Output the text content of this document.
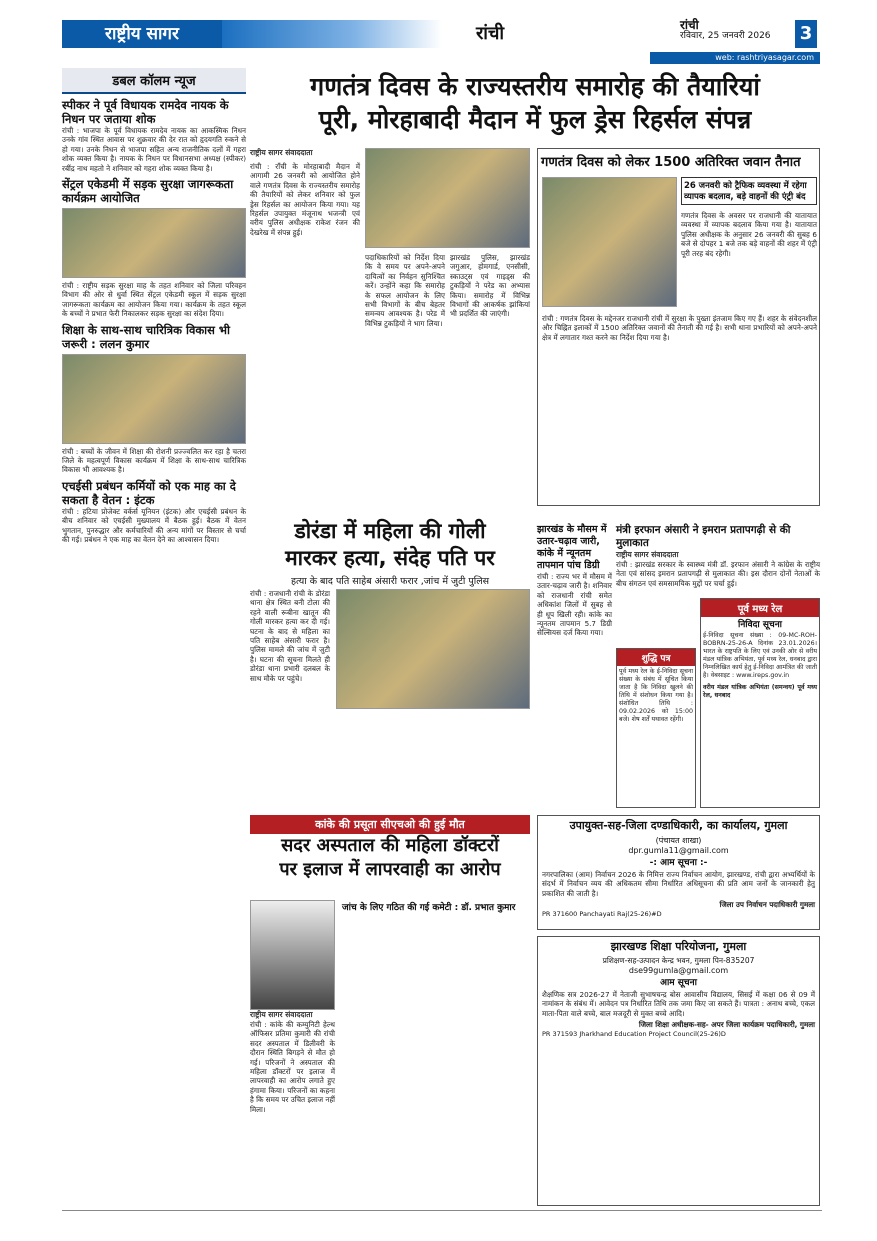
राष्ट्रीय सागर	रांची	रांची
रविवार, 25 जनवरी 2026	3
web: rashtriyasagar.com
डबल कॉलम न्यूज
स्पीकर ने पूर्व विधायक रामदेव नायक के निधन पर जताया शोक
रांची : भाजपा के पूर्व विधायक रामदेव नायक का आकस्मिक निधन उनके गांव स्थित आवास पर शुक्रवार की देर रात को हृदयगति रुकने से हो गया। उनके निधन से भाजपा सहित अन्य राजनीतिक दलों में गहरा शोक व्यक्त किया है। नायक के निधन पर विधानसभा अध्यक्ष (स्पीकर) रबींद्र नाथ महतो ने शनिवार को गहरा शोक व्यक्त किया है।
सेंट्रल एकेडमी में सड़क सुरक्षा जागरूकता कार्यक्रम आयोजित
रांची : राष्ट्रीय सड़क सुरक्षा माह के तहत शनिवार को जिला परिवहन विभाग की ओर से धुर्वा स्थित सेंट्रल एकेडमी स्कूल में सड़क सुरक्षा जागरूकता कार्यक्रम का आयोजन किया गया। कार्यक्रम के तहत स्कूल के बच्चों ने प्रभात फेरी निकालकर सड़क सुरक्षा का संदेश दिया।
शिक्षा के साथ-साथ चारित्रिक विकास भी जरूरी : ललन कुमार
रांची : बच्चों के जीवन में शिक्षा की रोशनी प्रज्ज्वलित कर रहा है चतरा जिले के महत्वपूर्ण विकास कार्यक्रम में शिक्षा के साथ-साथ चारित्रिक विकास भी आवश्यक है।
एचईसी प्रबंधन कर्मियों को एक माह का दे सकता है वेतन : इंटक
रांची : हटिया प्रोजेक्ट वर्कर्स यूनियन (इंटक) और एचईसी प्रबंधन के बीच शनिवार को एचईसी मुख्यालय में बैठक हुई। बैठक में वेतन भुगतान, पुनरुद्धार और कर्मचारियों की अन्य मांगों पर विस्तार से चर्चा की गई। प्रबंधन ने एक माह का वेतन देने का आश्वासन दिया।
गणतंत्र दिवस के राज्यस्तरीय समारोह की तैयारियां
पूरी, मोरहाबादी मैदान में फुल ड्रेस रिहर्सल संपन्न
राष्ट्रीय सागर संवाददाता
रांची : राँची के मोरहाबादी मैदान में आगामी 26 जनवरी को आयोजित होने वाले गणतंत्र दिवस के राज्यस्तरीय समारोह की तैयारियों को लेकर शनिवार को फुल ड्रेस रिहर्सल का आयोजन किया गया। यह रिहर्सल उपायुक्त मंजूनाथ भजन्त्री एवं वरीय पुलिस अधीक्षक राकेश रंजन की देखरेख में संपन्न हुई।
पदाधिकारियों को निर्देश दिया कि वे समय पर अपने-अपने दायित्वों का निर्वहन सुनिश्चित करें। उन्होंने कहा कि समारोह के सफल आयोजन के लिए सभी विभागों के बीच बेहतर समन्वय आवश्यक है। परेड में विभिन्न टुकड़ियों ने भाग लिया।
झारखंड पुलिस, झारखंड जगुआर, होमगार्ड, एनसीसी, स्काउट्स एवं गाइड्स की टुकड़ियों ने परेड का अभ्यास किया। समारोह में विभिन्न विभागों की आकर्षक झांकियां भी प्रदर्शित की जाएंगी।
गणतंत्र दिवस को लेकर 1500 अतिरिक्त जवान तैनात
26 जनवरी को ट्रैफिक व्यवस्था में रहेगा व्यापक बदलाव, बड़े वाहनों की एंट्री बंद
गणतंत्र दिवस के अवसर पर राजधानी की यातायात व्यवस्था में व्यापक बदलाव किया गया है। यातायात पुलिस अधीक्षक के अनुसार 26 जनवरी की सुबह 6 बजे से दोपहर 1 बजे तक बड़े वाहनों की शहर में एंट्री पूरी तरह बंद रहेगी।
रांची : गणतंत्र दिवस के मद्देनजर राजधानी रांची में सुरक्षा के पुख्ता इंतजाम किए गए हैं। शहर के संवेदनशील और चिह्नित इलाकों में 1500 अतिरिक्त जवानों की तैनाती की गई है। सभी थाना प्रभारियों को अपने-अपने क्षेत्र में लगातार गश्त करने का निर्देश दिया गया है।
डोरंडा में महिला की गोली
मारकर हत्या, संदेह पति पर
हत्या के बाद पति साहेब अंसारी फरार ,जांच में जुटी पुलिस
रांची : राजधानी रांची के डोरंडा थाना क्षेत्र स्थित बनी टोला की रहने वाली रूबीना खातून की गोली मारकर हत्या कर दी गई। घटना के बाद से महिला का पति साहेब अंसारी फरार है। पुलिस मामले की जांच में जुटी है। घटना की सूचना मिलते ही डोरंडा थाना प्रभारी दलबल के साथ मौके पर पहुंचे।
झारखंड के मौसम में उतार-चढ़ाव जारी, कांके में न्यूनतम तापमान पांच डिग्री
रांची : राज्य भर में मौसम में उतार-चढ़ाव जारी है। शनिवार को राजधानी रांची समेत अधिकांश जिलों में सुबह से ही धूप खिली रही। कांके का न्यूनतम तापमान 5.7 डिग्री सेल्सियस दर्ज किया गया।
मंत्री इरफान अंसारी ने इमरान प्रतापगढ़ी से की मुलाकात
राष्ट्रीय सागर संवाददाता
रांची : झारखंड सरकार के स्वास्थ्य मंत्री डॉ. इरफान अंसारी ने कांग्रेस के राष्ट्रीय नेता एवं सांसद इमरान प्रतापगढ़ी से मुलाकात की। इस दौरान दोनों नेताओं के बीच संगठन एवं समसामयिक मुद्दों पर चर्चा हुई।
पूर्व मध्य रेल
निविदा सूचना
ई-निविदा सूचना संख्या : 09-MC-ROH-BOBRN-25-26-A दिनांक 23.01.2026। भारत के राष्ट्रपति के लिए एवं उनकी ओर से वरीय मंडल यांत्रिक अभियंता, पूर्व मध्य रेल, धनबाद द्वारा निम्नलिखित कार्य हेतु ई-निविदा आमंत्रित की जाती है। वेबसाइट : www.ireps.gov.in
वरीय मंडल यांत्रिक अभियंता (समन्वय) पूर्व मध्य रेल, धनबाद
शुद्धि पत्र
पूर्व मध्य रेल के ई-निविदा सूचना संख्या के संबंध में सूचित किया जाता है कि निविदा खुलने की तिथि में संशोधन किया गया है। संशोधित तिथि : 09.02.2026 को 15:00 बजे। शेष शर्तें यथावत रहेंगी।
कांके की प्रसूता सीएचओ की हुई मौत
सदर अस्पताल की महिला डॉक्टरों
पर इलाज में लापरवाही का आरोप
राष्ट्रीय सागर संवाददाता
रांची : कांके की कम्युनिटी हेल्थ ऑफिसर प्रतिमा कुमारी की रांची सदर अस्पताल में डिलीवरी के दौरान स्थिति बिगड़ने से मौत हो गई। परिजनों ने अस्पताल की महिला डॉक्टरों पर इलाज में लापरवाही का आरोप लगाते हुए हंगामा किया। परिजनों का कहना है कि समय पर उचित इलाज नहीं मिला।
जांच के लिए गठित की गई कमेटी : डॉ. प्रभात कुमार
उपायुक्त-सह-जिला दण्डाधिकारी, का कार्यालय, गुमला
(पंचायत शाखा)
dpr.gumla11@gmail.com
-: आम सूचना :-
नगरपालिका (आम) निर्वाचन 2026 के निमित्त राज्य निर्वाचन आयोग, झारखण्ड, रांची द्वारा अभ्यर्थियों के संदर्भ में निर्वाचन व्यय की अधिकतम सीमा निर्धारित अधिसूचना की प्रति आम जनों के जानकारी हेतु प्रकाशित की जाती है।
जिला उप निर्वाचन पदाधिकारी गुमला
PR 371600 Panchayati Raj(25-26)#D
झारखण्ड शिक्षा परियोजना, गुमला
प्रशिक्षण-सह-उत्पादन केन्द्र भवन, गुमला पिन-835207
dse99gumla@gmail.com
आम सूचना
शैक्षणिक सत्र 2026-27 में नेताजी सुभाषचन्द्र बोस आवासीय विद्यालय, सिसई में कक्षा 06 से 09 में नामांकन के संबंध में। आवेदन पत्र निर्धारित तिथि तक जमा किए जा सकते हैं। पात्रता : अनाथ बच्चे, एकल माता-पिता वाले बच्चे, बाल मजदूरी से मुक्त बच्चे आदि।
जिला शिक्षा अधीक्षक-सह- अपर जिला कार्यक्रम पदाधिकारी, गुमला
PR 371593 Jharkhand Education Project Council(25-26)D
